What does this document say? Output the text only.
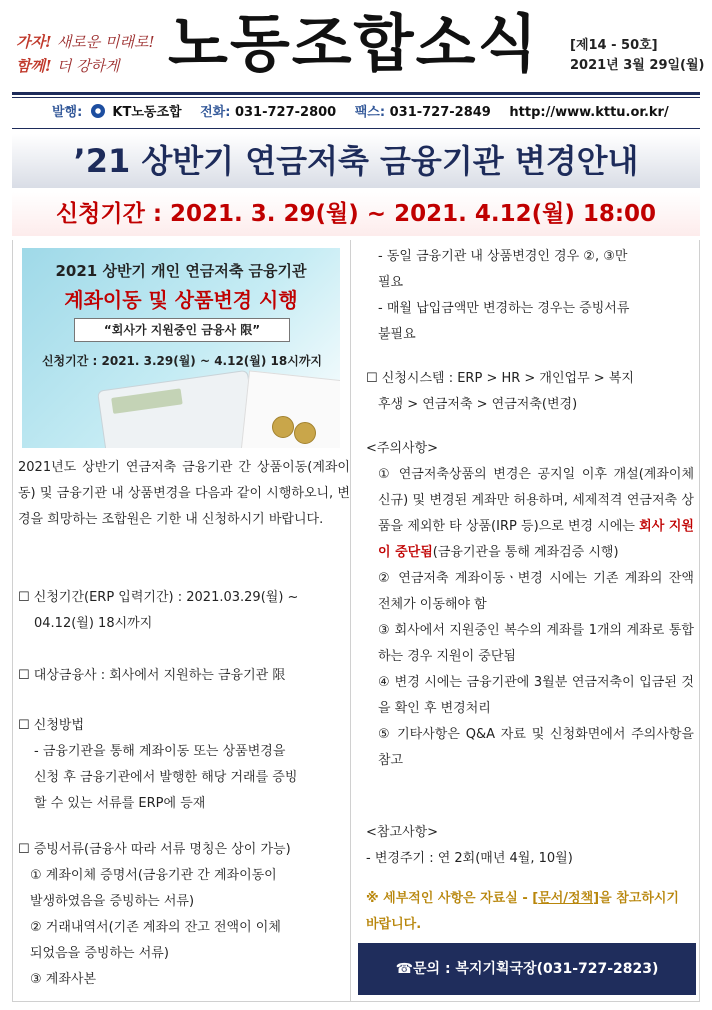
가자! 새로운 미래로!
함께! 더 강하게 노동조합소식 [제14 - 50호]
2021년 3월 29일(월)
발행: KT노동조합 전화: 031-727-2800 팩스: 031-727-2849 http://www.kttu.or.kr/
’21 상반기 연금저축 금융기관 변경안내
신청기간 : 2021. 3. 29(월) ~ 2021. 4.12(월) 18:00
2021 상반기 개인 연금저축 금융기관
계좌이동 및 상품변경 시행
“회사가 지원중인 금융사 限”
신청기간 : 2021. 3.29(월) ~ 4.12(월) 18시까지
2021년도 상반기 연금저축 금융기관 간 상품이동(계좌이동) 및 금융기관 내 상품변경을 다음과 같이 시행하오니, 변경을 희망하는 조합원은 기한 내 신청하시기 바랍니다.
☐ 신청기간(ERP 입력기간) : 2021.03.29(월) ~
04.12(월) 18시까지
☐ 대상금융사 : 회사에서 지원하는 금융기관 限
☐ 신청방법
- 금융기관을 통해 계좌이동 또는 상품변경을
신청 후 금융기관에서 발행한 해당 거래를 증빙
할 수 있는 서류를 ERP에 등재
☐ 증빙서류(금융사 따라 서류 명칭은 상이 가능)
① 계좌이체 증명서(금융기관 간 계좌이동이
발생하였음을 증빙하는 서류)
② 거래내역서(기존 계좌의 잔고 전액이 이체
되었음을 증빙하는 서류)
③ 계좌사본
- 동일 금융기관 내 상품변경인 경우 ②, ③만
필요
- 매월 납입금액만 변경하는 경우는 증빙서류
불필요
☐ 신청시스템 : ERP > HR > 개인업무 > 복지
후생 > 연금저축 > 연금저축(변경)
<주의사항>
① 연금저축상품의 변경은 공지일 이후 개설(계좌이체 신규) 및 변경된 계좌만 허용하며, 세제적격 연금저축 상품을 제외한 타 상품(IRP 등)으로 변경 시에는 회사 지원이 중단됨(금융기관을 통해 계좌검증 시행)
② 연금저축 계좌이동ㆍ변경 시에는 기존 계좌의 잔액 전체가 이동해야 함
③ 회사에서 지원중인 복수의 계좌를 1개의 계좌로 통합하는 경우 지원이 중단됨
④ 변경 시에는 금융기관에 3월분 연금저축이 입금된 것을 확인 후 변경처리
⑤ 기타사항은 Q&A 자료 및 신청화면에서 주의사항을 참고
<참고사항>
- 변경주기 : 연 2회(매년 4월, 10월)
※ 세부적인 사항은 자료실 - [문서/정책]을 참고하시기 바랍니다.
☎문의 : 복지기획국장(031-727-2823)
